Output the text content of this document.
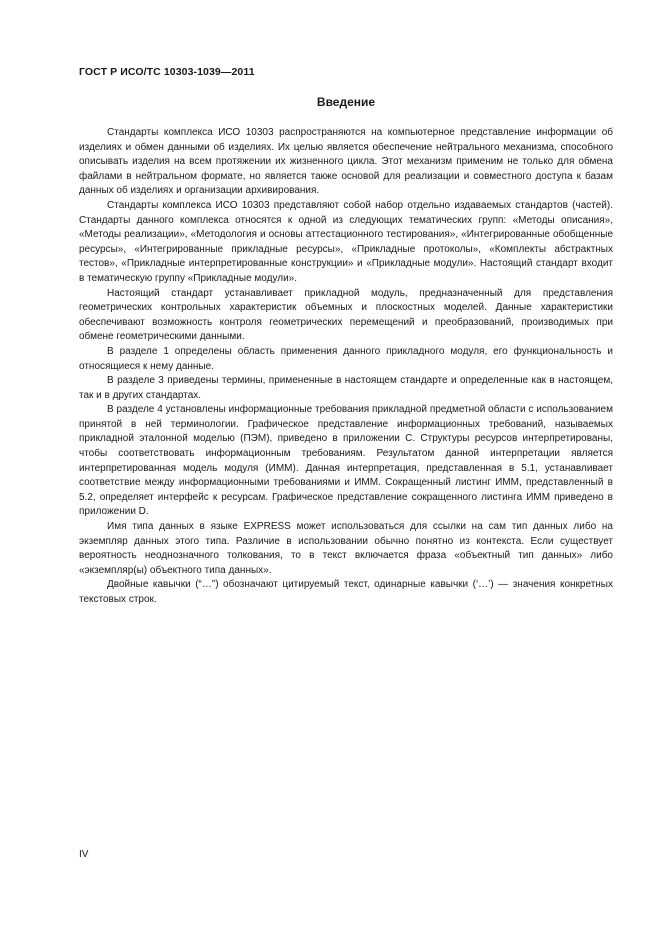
ГОСТ Р ИСО/ТС 10303-1039—2011
Введение

Стандарты комплекса ИСО 10303 распространяются на компьютерное представление информации об изделиях и обмен данными об изделиях. Их целью является обеспечение нейтрального механизма, способного описывать изделия на всем протяжении их жизненного цикла. Этот механизм применим не только для обмена файлами в нейтральном формате, но является также основой для реализации и совместного доступа к базам данных об изделиях и организации архивирования.

Стандарты комплекса ИСО 10303 представляют собой набор отдельно издаваемых стандартов (частей). Стандарты данного комплекса относятся к одной из следующих тематических групп: «Методы описания», «Методы реализации», «Методология и основы аттестационного тестирования», «Интегрированные обобщенные ресурсы», «Интегрированные прикладные ресурсы», «Прикладные протоколы», «Комплекты абстрактных тестов», «Прикладные интерпретированные конструкции» и «Прикладные модули». Настоящий стандарт входит в тематическую группу «Прикладные модули».

Настоящий стандарт устанавливает прикладной модуль, предназначенный для представления геометрических контрольных характеристик объемных и плоскостных моделей. Данные характеристики обеспечивают возможность контроля геометрических перемещений и преобразований, производимых при обмене геометрическими данными.

В разделе 1 определены область применения данного прикладного модуля, его функциональность и относящиеся к нему данные.

В разделе 3 приведены термины, примененные в настоящем стандарте и определенные как в настоящем, так и в других стандартах.

В разделе 4 установлены информационные требования прикладной предметной области с использованием принятой в ней терминологии. Графическое представление информационных требований, называемых прикладной эталонной моделью (ПЭМ), приведено в приложении С. Структуры ресурсов интерпретированы, чтобы соответствовать информационным требованиям. Результатом данной интерпретации является интерпретированная модель модуля (ИММ). Данная интерпретация, представленная в 5.1, устанавливает соответствие между информационными требованиями и ИММ. Сокращенный листинг ИММ, представленный в 5.2, определяет интерфейс к ресурсам. Графическое представление сокращенного листинга ИММ приведено в приложении D.

Имя типа данных в языке EXPRESS может использоваться для ссылки на сам тип данных либо на экземпляр данных этого типа. Различие в использовании обычно понятно из контекста. Если существует вероятность неоднозначного толкования, то в текст включается фраза «объектный тип данных» либо «экземпляр(ы) объектного типа данных».

Двойные кавычки (“…”) обозначают цитируемый текст, одинарные кавычки (‘…’) — значения конкретных текстовых строк.

IV
